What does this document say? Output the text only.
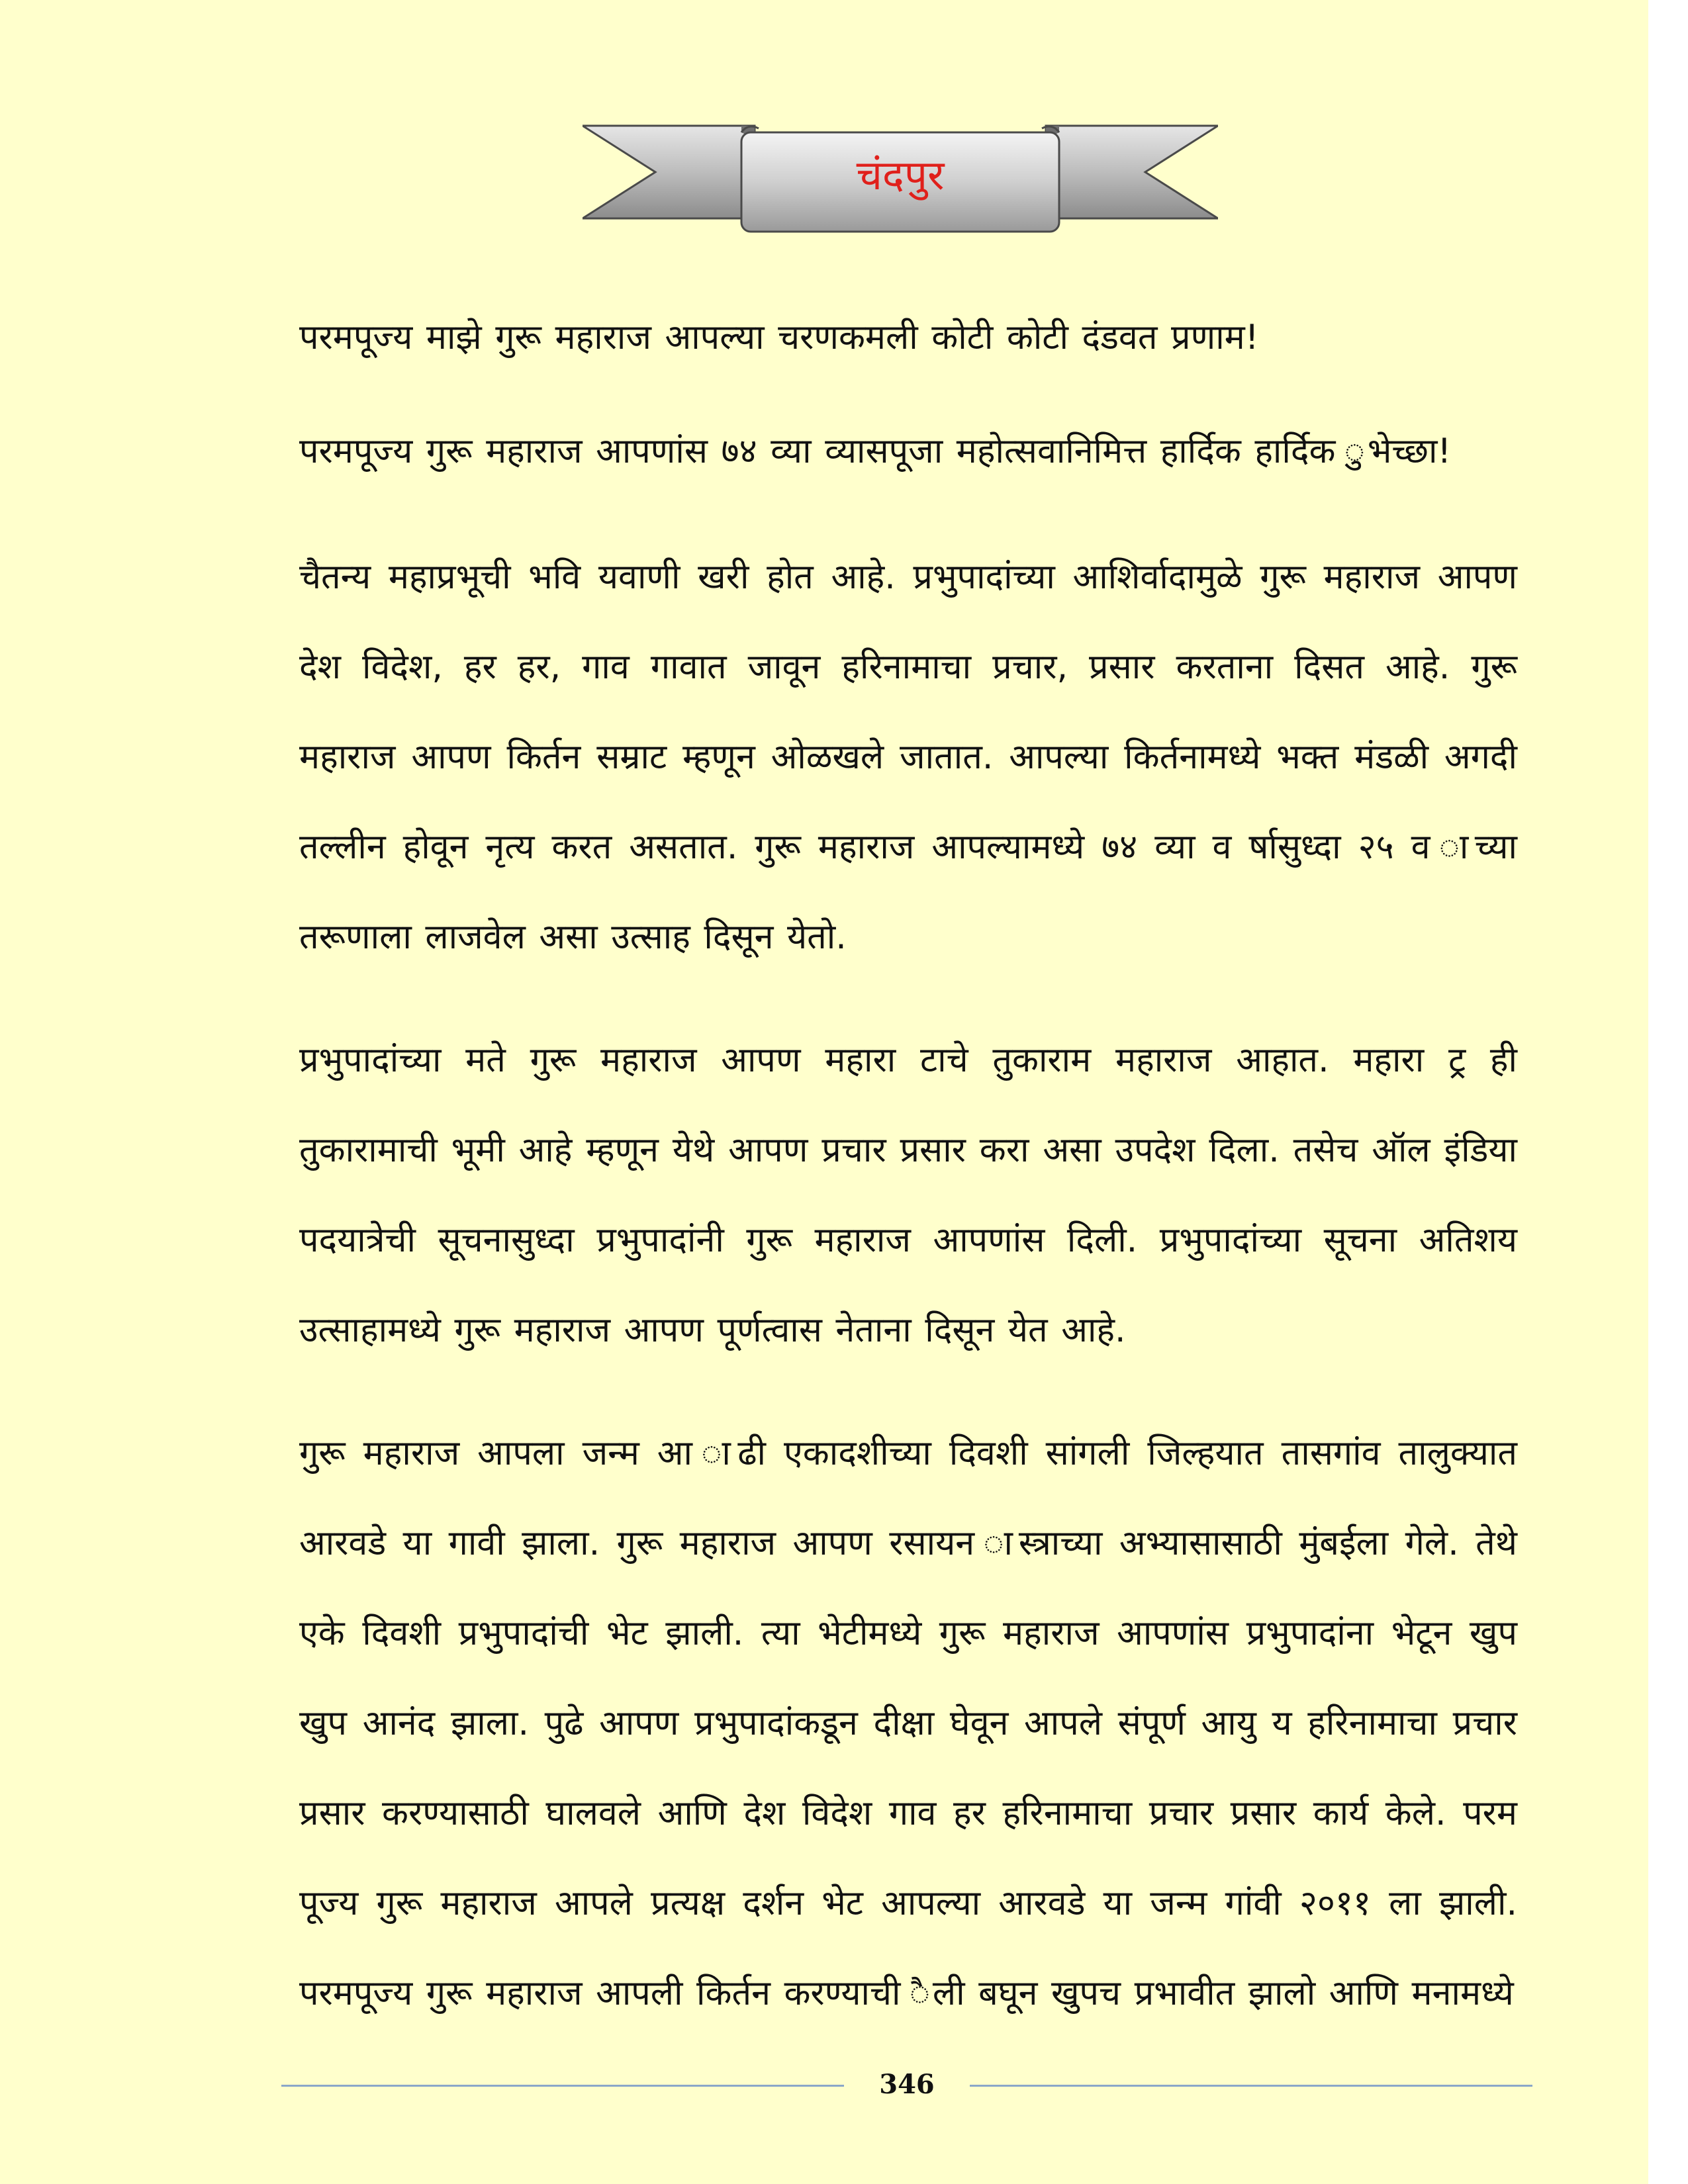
चंदपुर

परमपूज्य माझे गुरू महाराज आपल्या चरणकमली कोटी कोटी दंडवत प्रणाम!

परमपूज्य गुरू महाराज आपणांस ७४ व्या व्यासपूजा महोत्सवानिमित्त हार्दिक हार्दिक ुभेच्छा!

चैतन्य महाप्रभूची भवि यवाणी खरी होत आहे. प्रभुपादांच्या आशिर्वादामुळे गुरू महाराज आपण देश विदेश, हर हर, गाव गावात जावून हरिनामाचा प्रचार, प्रसार करताना दिसत आहे. गुरू महाराज आपण किर्तन सम्राट म्हणून ओळखले जातात. आपल्या किर्तनामध्ये भक्त मंडळी अगदी तल्लीन होवून नृत्य करत असतात. गुरू महाराज आपल्यामध्ये ७४ व्या व र्षासुध्दा २५ व ाच्या तरूणाला लाजवेल असा उत्साह दिसून येतो.

प्रभुपादांच्या मते गुरू महाराज आपण महारा टाचे तुकाराम महाराज आहात. महारा ट्र ही तुकारामाची भूमी आहे म्हणून येथे आपण प्रचार प्रसार करा असा उपदेश दिला. तसेच ऑल इंडिया पदयात्रेची सूचनासुध्दा प्रभुपादांनी गुरू महाराज आपणांस दिली. प्रभुपादांच्या सूचना अतिशय उत्साहामध्ये गुरू महाराज आपण पूर्णत्वास नेताना दिसून येत आहे.

गुरू महाराज आपला जन्म आ ाढी एकादशीच्या दिवशी सांगली जिल्हयात तासगांव तालुक्यात आरवडे या गावी झाला. गुरू महाराज आपण रसायन ास्त्राच्या अभ्यासासाठी मुंबईला गेले. तेथे एके दिवशी प्रभुपादांची भेट झाली. त्या भेटीमध्ये गुरू महाराज आपणांस प्रभुपादांना भेटून खुप खुप आनंद झाला. पुढे आपण प्रभुपादांकडून दीक्षा घेवून आपले संपूर्ण आयु य हरिनामाचा प्रचार प्रसार करण्यासाठी घालवले आणि देश विदेश गाव हर हरिनामाचा प्रचार प्रसार कार्य केले. परम पूज्य गुरू महाराज आपले प्रत्यक्ष दर्शन भेट आपल्या आरवडे या जन्म गांवी २०११ ला झाली. परमपूज्य गुरू महाराज आपली किर्तन करण्याची ैली बघून खुपच प्रभावीत झालो आणि मनामध्ये

346
